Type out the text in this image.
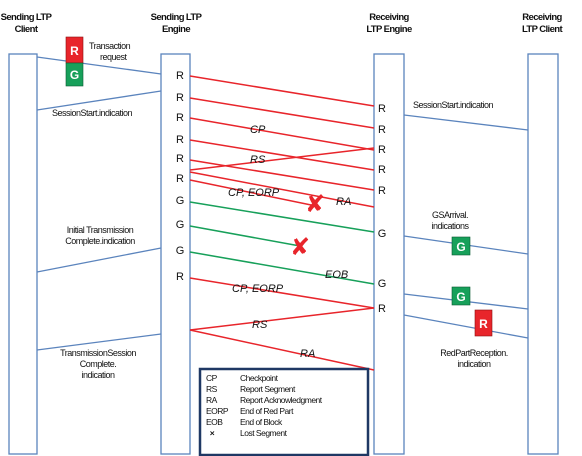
Sending LTP
Client
Sending LTP
Engine
Receiving
LTP Engine
Receiving
LTP Client
✘
✘
CP
RS
CP, EORP
RA
EOB
CP, EORP
RS
RA
R
R
R
R
R
R
G
G
G
R
R
R
R
R
R
G
G
R
R
G
G
G
R
Transaction
request
SessionStart.indication
SessionStart.indication
Initial Transmission
Complete.indication
GSArrival.
indications
TransmissionSession
Complete.
indication
RedPartReception.
indication
CP	Checkpoint
RS	Report Segment
RA	Report Acknowledgment
EORP End of Red Part
EOB End of Block
×	Lost Segment
